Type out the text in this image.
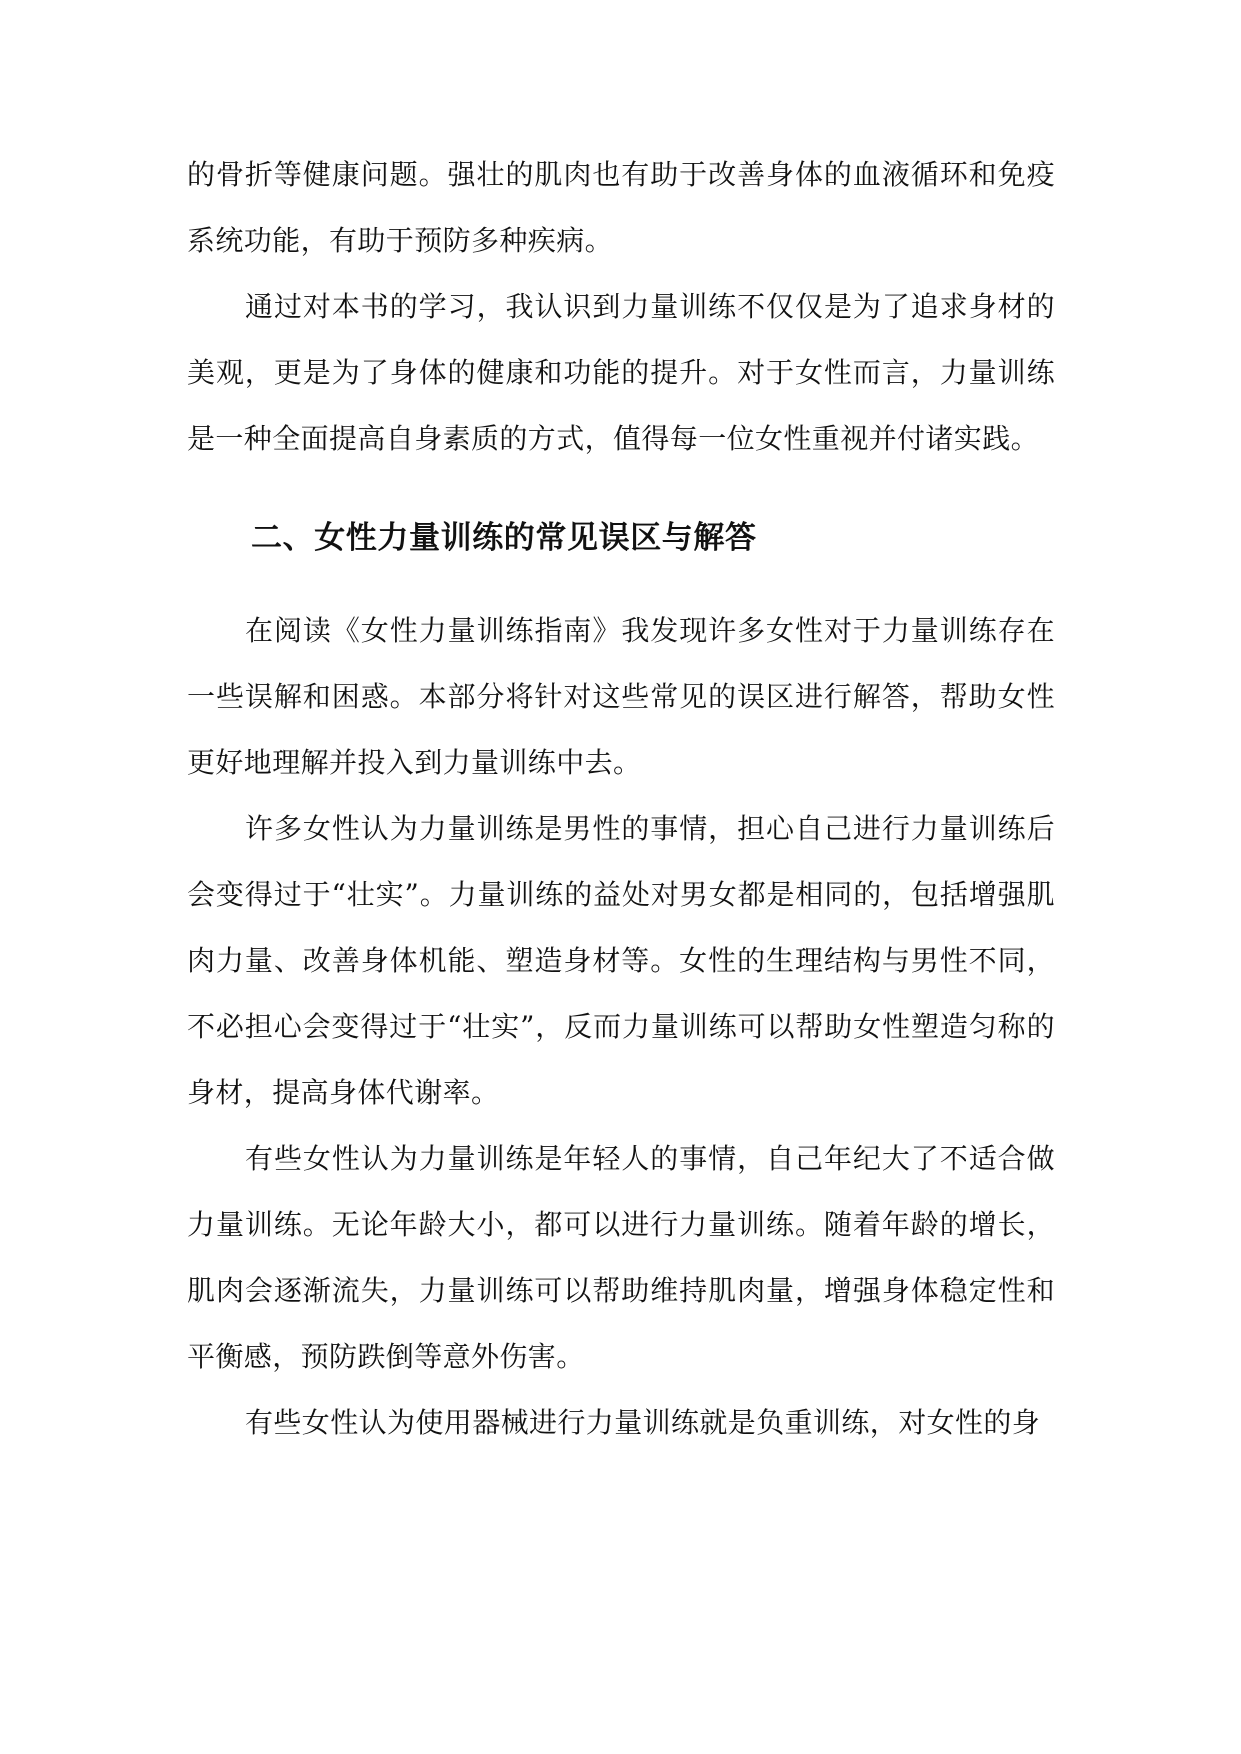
的骨折等健康问题。强壮的肌肉也有助于改善身体的血液循环和免疫系统功能，有助于预防多种疾病。

通过对本书的学习，我认识到力量训练不仅仅是为了追求身材的美观，更是为了身体的健康和功能的提升。对于女性而言，力量训练是一种全面提高自身素质的方式，值得每一位女性重视并付诸实践。

二、女性力量训练的常见误区与解答

在阅读《女性力量训练指南》我发现许多女性对于力量训练存在一些误解和困惑。本部分将针对这些常见的误区进行解答，帮助女性更好地理解并投入到力量训练中去。

许多女性认为力量训练是男性的事情，担心自己进行力量训练后会变得过于“壮实”。力量训练的益处对男女都是相同的，包括增强肌肉力量、改善身体机能、塑造身材等。女性的生理结构与男性不同，不必担心会变得过于“壮实”，反而力量训练可以帮助女性塑造匀称的身材，提高身体代谢率。

有些女性认为力量训练是年轻人的事情，自己年纪大了不适合做力量训练。无论年龄大小，都可以进行力量训练。随着年龄的增长，肌肉会逐渐流失，力量训练可以帮助维持肌肉量，增强身体稳定性和平衡感，预防跌倒等意外伤害。

有些女性认为使用器械进行力量训练就是负重训练，对女性的身
